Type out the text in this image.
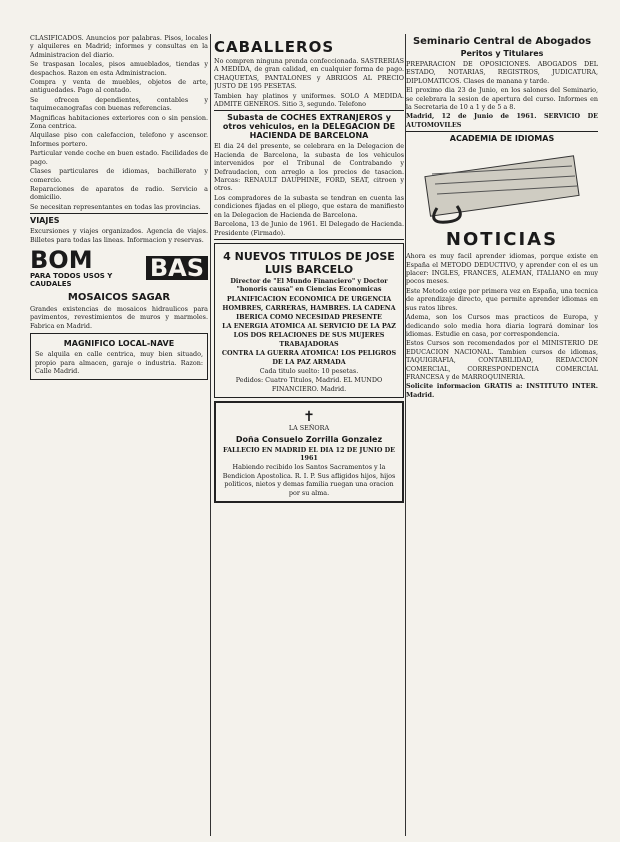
CLASIFICADOS. Anuncios por palabras. Pisos, locales y alquileres en Madrid; informes y consultas en la Administracion del diario.

Se traspasan locales, pisos amueblados, tiendas y despachos. Razon en esta Administracion.

Compra y venta de muebles, objetos de arte, antiguedades. Pago al contado.

Se ofrecen dependientes, contables y taquimecanografas con buenas referencias.

Magnificas habitaciones exteriores con o sin pension. Zona centrica.

Alquilase piso con calefaccion, telefono y ascensor. Informes portero.

Particular vende coche en buen estado. Facilidades de pago.

Clases particulares de idiomas, bachillerato y comercio.

Reparaciones de aparatos de radio. Servicio a domicilio.

Se necesitan representantes en todas las provincias.

VIAJES

Excursiones y viajes organizados. Agencia de viajes. Billetes para todas las lineas. Informacion y reservas.

BOM
PARA TODOS USOS Y CAUDALES
BAS
MOSAICOS SAGAR

Grandes existencias de mosaicos hidraulicos para pavimentos, revestimientos de muros y marmoles. Fabrica en Madrid.

MAGNIFICO LOCAL-NAVE

Se alquila en calle centrica, muy bien situado, propio para almacen, garaje o industria. Razon: Calle Madrid.

CABALLEROS

No compren ninguna prenda confeccionada. SASTRERIAS A MEDIDA, de gran calidad, en cualquier forma de pago. CHAQUETAS, PANTALONES y ABRIGOS AL PRECIO JUSTO DE 195 PESETAS.

Tambien hay platinos y uniformes. SOLO A MEDIDA. ADMITE GENEROS. Sitio 3, segundo. Telefono

Subasta de COCHES EXTRANJEROS y otros vehiculos, en la DELEGACION DE HACIENDA DE BARCELONA

El dia 24 del presente, se celebrara en la Delegacion de Hacienda de Barcelona, la subasta de los vehiculos intervenidos por el Tribunal de Contrabando y Defraudacion, con arreglo a los precios de tasacion. Marcas: RENAULT DAUPHINE, FORD, SEAT, citroen y otros.

Los compradores de la subasta se tendran en cuenta las condiciones fijadas en el pliego, que estara de manifiesto en la Delegacion de Hacienda de Barcelona.

Barcelona, 13 de Junio de 1961. El Delegado de Hacienda. Presidente (Firmado).

4 NUEVOS TITULOS DE JOSE LUIS BARCELO

Director de "El Mundo Financiero" y Doctor "honoris causa" en Ciencias Economicas

PLANIFICACION ECONOMICA DE URGENCIA

HOMBRES, CARRERAS, HAMBRES. LA CADENA IBERICA COMO NECESIDAD PRESENTE

LA ENERGIA ATOMICA AL SERVICIO DE LA PAZ

LOS DOS RELACIONES DE SUS MUJERES TRABAJADORAS

CONTRA LA GUERRA ATOMICA! LOS PELIGROS DE LA PAZ ARMADA

Cada titulo suelto: 10 pesetas.

Pedidos: Cuatro Titulos, Madrid. EL MUNDO FINANCIERO. Madrid.

✝

LA SEÑORA

Doña Consuelo Zorrilla Gonzalez

FALLECIO EN MADRID EL DIA 12 DE JUNIO DE 1961

Habiendo recibido los Santos Sacramentos y la Bendicion Apostolica. R. I. P. Sus afligidos hijos, hijos politicos, nietos y demas familia ruegan una oracion por su alma.

Seminario Central de Abogados
Peritos y Titulares

PREPARACION DE OPOSICIONES. ABOGADOS DEL ESTADO, NOTARIAS, REGISTROS, JUDICATURA, DIPLOMATICOS. Clases de manana y tarde.

El proximo dia 23 de Junio, en los salones del Seminario, se celebrara la sesion de apertura del curso. Informes en la Secretaria de 10 a 1 y de 5 a 8.

Madrid, 12 de Junio de 1961. SERVICIO DE AUTOMOVILES

ACADEMIA DE IDIOMAS
NOTICIAS

Ahora es muy facil aprender idiomas, porque existe en España el METODO DEDUCTIVO, y aprender con el es un placer: INGLES, FRANCES, ALEMAN, ITALIANO en muy pocos meses.

Este Metodo exige por primera vez en España, una tecnica de aprendizaje directo, que permite aprender idiomas en sus ratos libres.

Adema, son los Cursos mas practicos de Europa, y dedicando solo media hora diaria logrará dominar los idiomas. Estudie en casa, por correspondencia.

Estos Cursos son recomendados por el MINISTERIO DE EDUCACION NACIONAL. Tambien cursos de idiomas, TAQUIGRAFIA, CONTABILIDAD, REDACCION COMERCIAL, CORRESPONDENCIA COMERCIAL FRANCESA y de MARROQUINERIA.

Solicite informacion GRATIS a: INSTITUTO INTER. Madrid.
